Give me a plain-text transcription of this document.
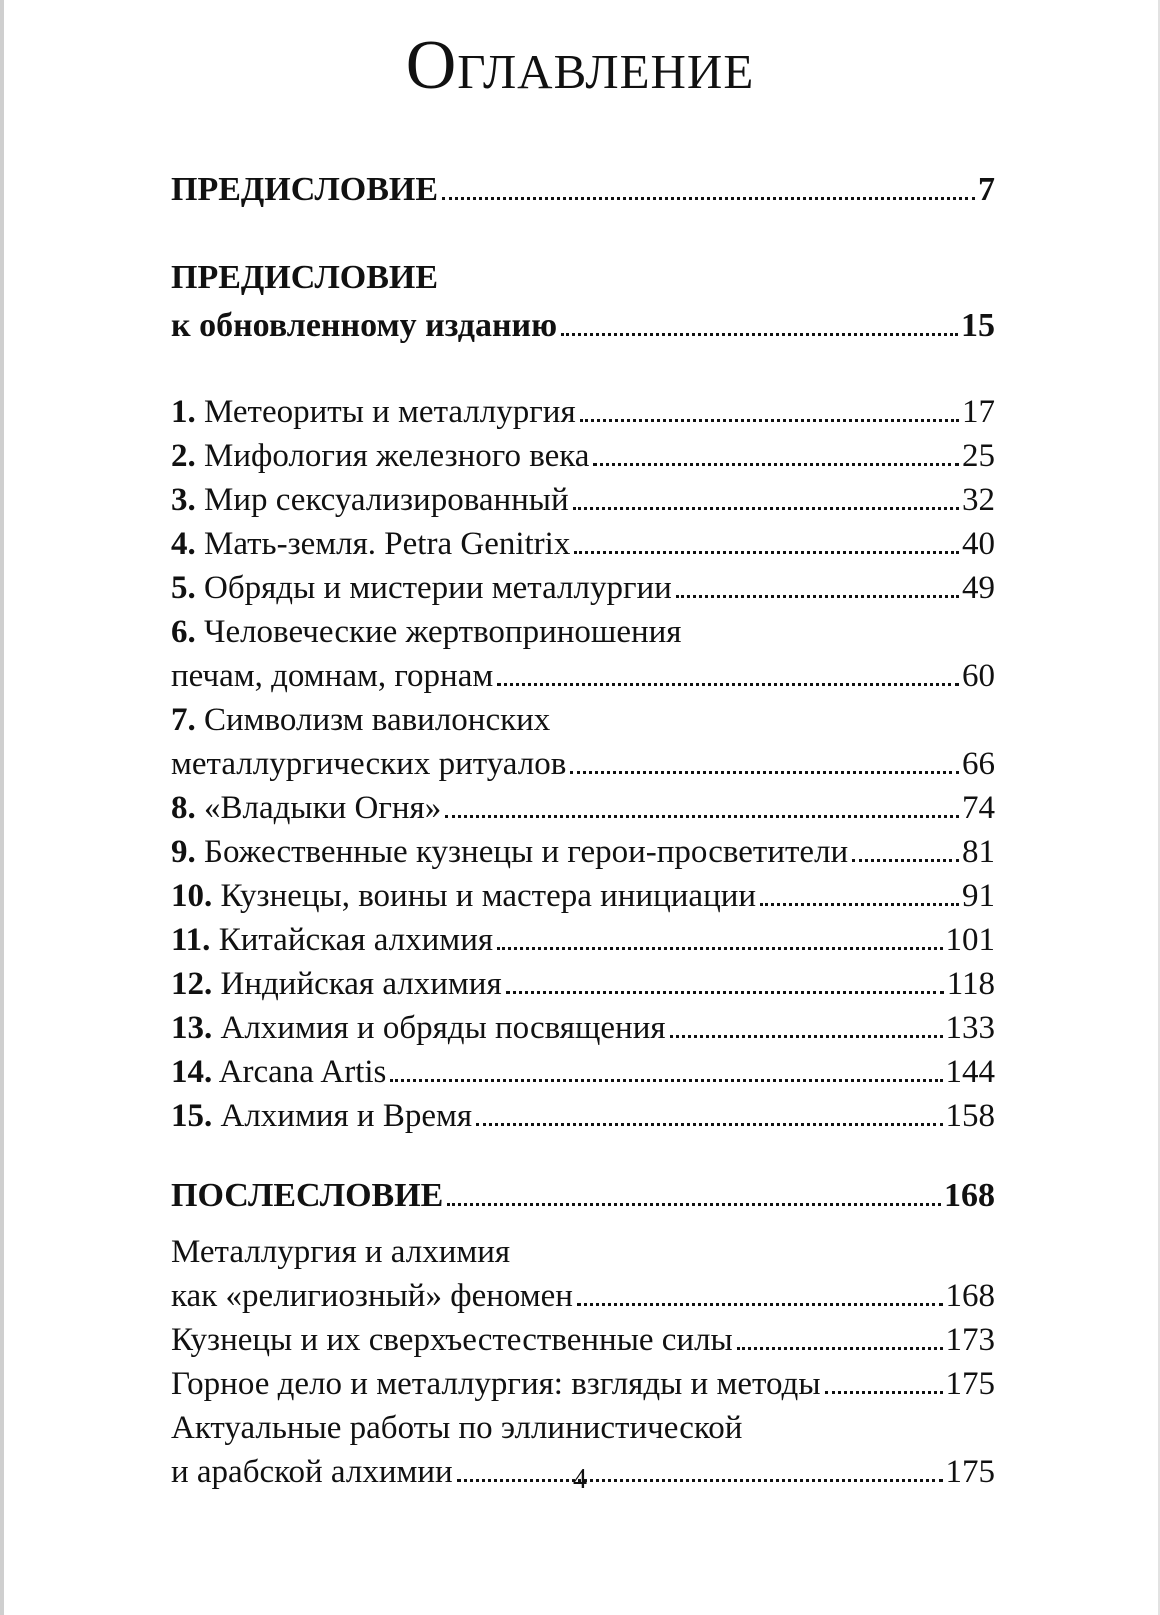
Оглавление
ПРЕДИСЛОВИЕ	7
ПРЕДИСЛОВИЕ
к обновленному изданию	15
1. Метеориты и металлургия	17
2. Мифология железного века	25
3. Мир сексуализированный	32
4. Мать-земля. Petra Genitrix	40
5. Обряды и мистерии металлургии	49
6. Человеческие жертвоприношения
печам, домнам, горнам	60
7. Символизм вавилонских
металлургических ритуалов	66
8. «Владыки Огня»	74
9. Божественные кузнецы и герои-просветители	81
10. Кузнецы, воины и мастера инициации	91
11. Китайская алхимия	101
12. Индийская алхимия	118
13. Алхимия и обряды посвящения	133
14. Arcana Artis	144
15. Алхимия и Время	158
ПОСЛЕСЛОВИЕ	168
Металлургия и алхимия
как «религиозный» феномен	168
Кузнецы и их сверхъестественные силы	173
Горное дело и металлургия: взгляды и методы	175
Актуальные работы по эллинистической
и арабской алхимии	175
4
